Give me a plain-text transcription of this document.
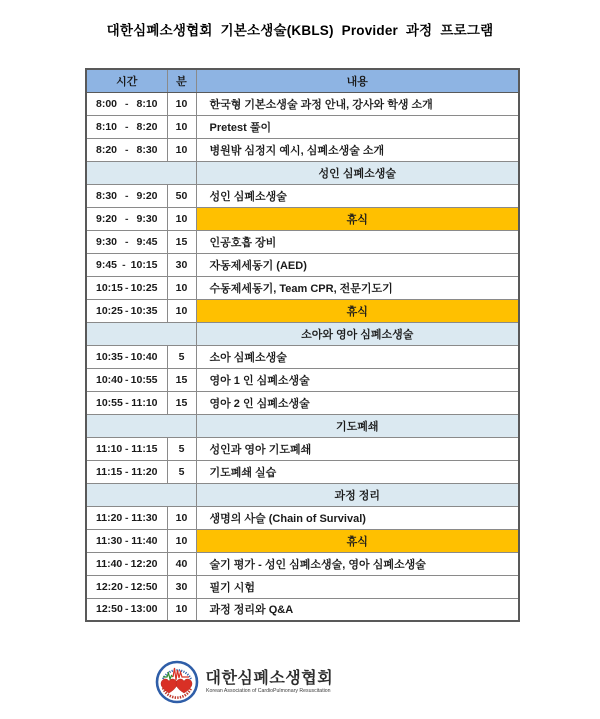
대한심폐소생협회 기본소생술(KBLS) Provider 과정 프로그램
시간	분	내용

8:00 - 8:10	10	한국형 기본소생술 과정 안내, 강사와 학생 소개

8:10 - 8:20	10	Pretest 풀이

8:20 - 8:30	10	병원밖 심정지 예시, 심폐소생술 소개
		성인 심폐소생술

8:30 - 9:20	50	성인 심폐소생술

9:20 - 9:30	10	휴식

9:30 - 9:45	15	인공호흡 장비

9:45 - 10:15	30	자동제세동기 (AED)

10:15 - 10:25	10	수동제세동기, Team CPR, 전문기도기

10:25 - 10:35	10	휴식
		소아와 영아 심폐소생술

10:35 - 10:40	5	소아 심폐소생술

10:40 - 10:55	15	영아 1 인 심폐소생술

10:55 - 11:10	15	영아 2 인 심폐소생술
		기도폐쇄

11:10 - 11:15	5	성인과 영아 기도폐쇄

11:15 - 11:20	5	기도폐쇄 실습
		과정 정리

11:20 - 11:30	10	생명의 사슬 (Chain of Survival)

11:30 - 11:40	10	휴식

11:40 - 12:20	40	술기 평가 - 성인 심폐소생술, 영아 심폐소생술

12:20 - 12:50	30	필기 시험

12:50 - 13:00	10	과정 정리와 Q&A
대한심폐소생협회
Korean Association of CardioPulmonary Resuscitation
